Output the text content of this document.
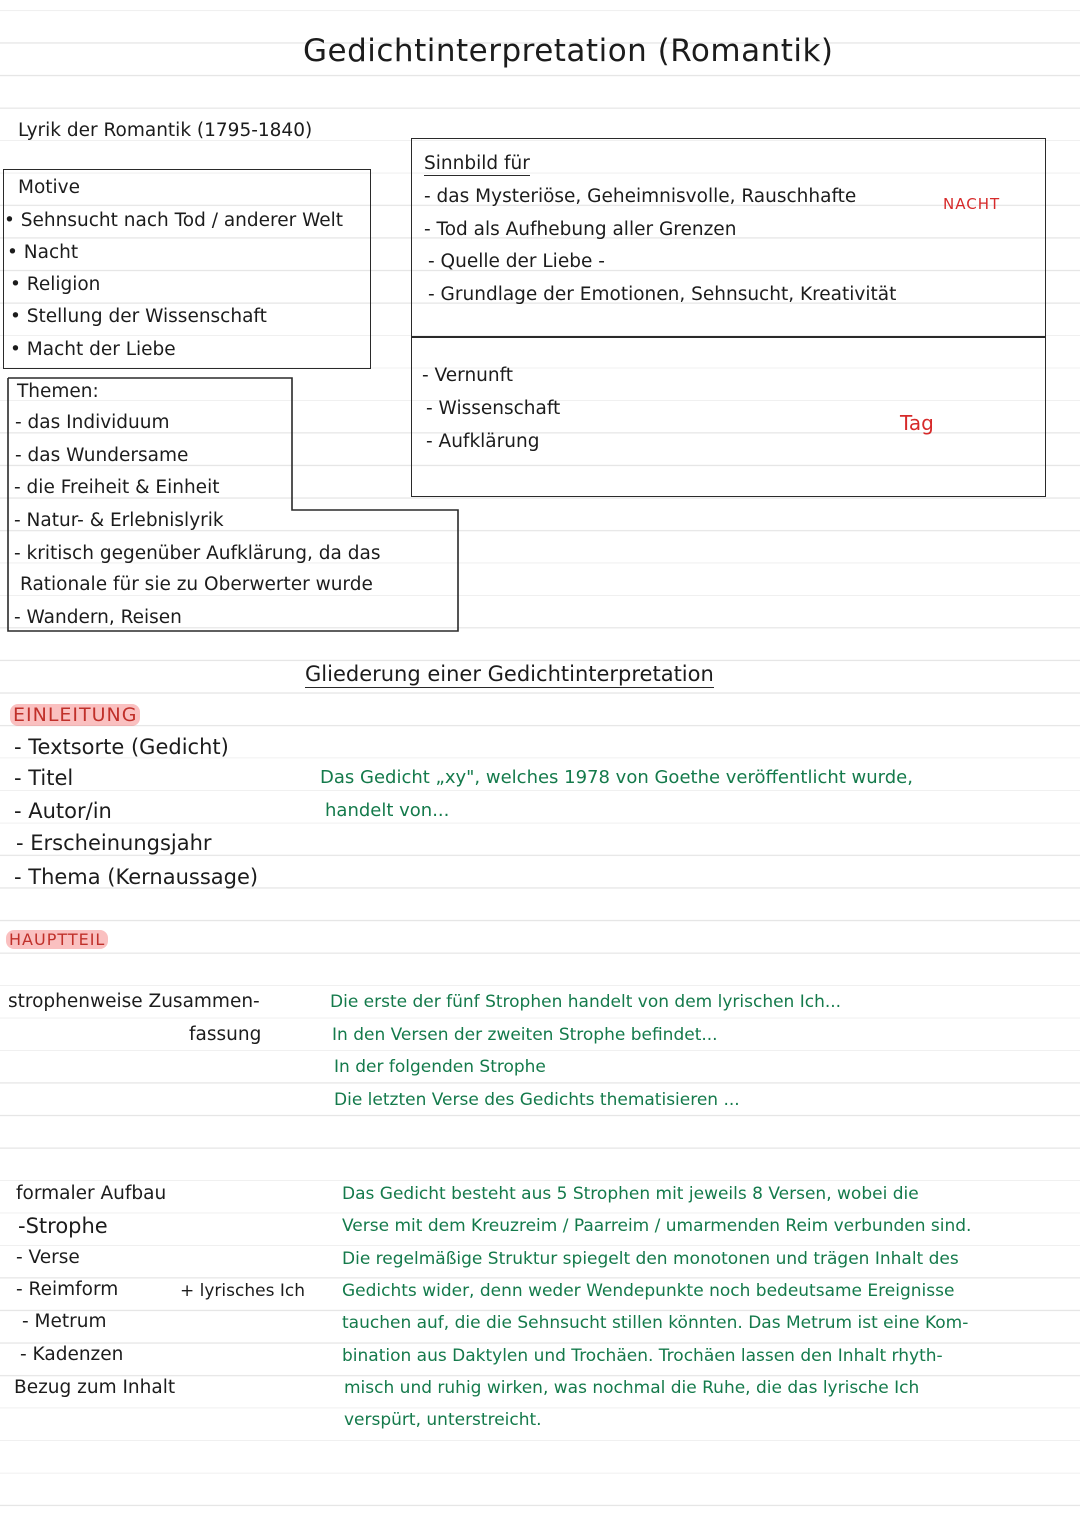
Gedichtinterpretation (Romantik)
Lyrik der Romantik (1795-1840)
Motive
• Sehnsucht nach Tod / anderer Welt
• Nacht
• Religion
• Stellung der Wissenschaft
• Macht der Liebe
Themen:
- das Individuum
- das Wundersame
- die Freiheit & Einheit
- Natur- & Erlebnislyrik
- kritisch gegenüber Aufklärung, da das
Rationale für sie zu Oberwerter wurde
- Wandern, Reisen
Sinnbild für
- das Mysteriöse, Geheimnisvolle, Rauschhafte
- Tod als Aufhebung aller Grenzen
- Quelle der Liebe -
- Grundlage der Emotionen, Sehnsucht, Kreativität
NACHT
- Vernunft
- Wissenschaft
- Aufklärung
Tag
Gliederung einer Gedichtinterpretation
EINLEITUNG
- Textsorte (Gedicht)
- Titel
- Autor/in
- Erscheinungsjahr
- Thema (Kernaussage)
Das Gedicht „xy", welches 1978 von Goethe veröffentlicht wurde,
handelt von...
HAUPTTEIL
strophenweise Zusammen-
fassung
Die erste der fünf Strophen handelt von dem lyrischen Ich...
In den Versen der zweiten Strophe befindet...
In der folgenden Strophe
Die letzten Verse des Gedichts thematisieren ...
formaler Aufbau
-Strophe
- Verse
- Reimform
- Metrum
- Kadenzen
+ lyrisches Ich
Bezug zum Inhalt
Das Gedicht besteht aus 5 Strophen mit jeweils 8 Versen, wobei die
Verse mit dem Kreuzreim / Paarreim / umarmenden Reim verbunden sind.
Die regelmäßige Struktur spiegelt den monotonen und trägen Inhalt des
Gedichts wider, denn weder Wendepunkte noch bedeutsame Ereignisse
tauchen auf, die die Sehnsucht stillen könnten. Das Metrum ist eine Kom-
bination aus Daktylen und Trochäen. Trochäen lassen den Inhalt rhyth-
misch und ruhig wirken, was nochmal die Ruhe, die das lyrische Ich
verspürt, unterstreicht.
